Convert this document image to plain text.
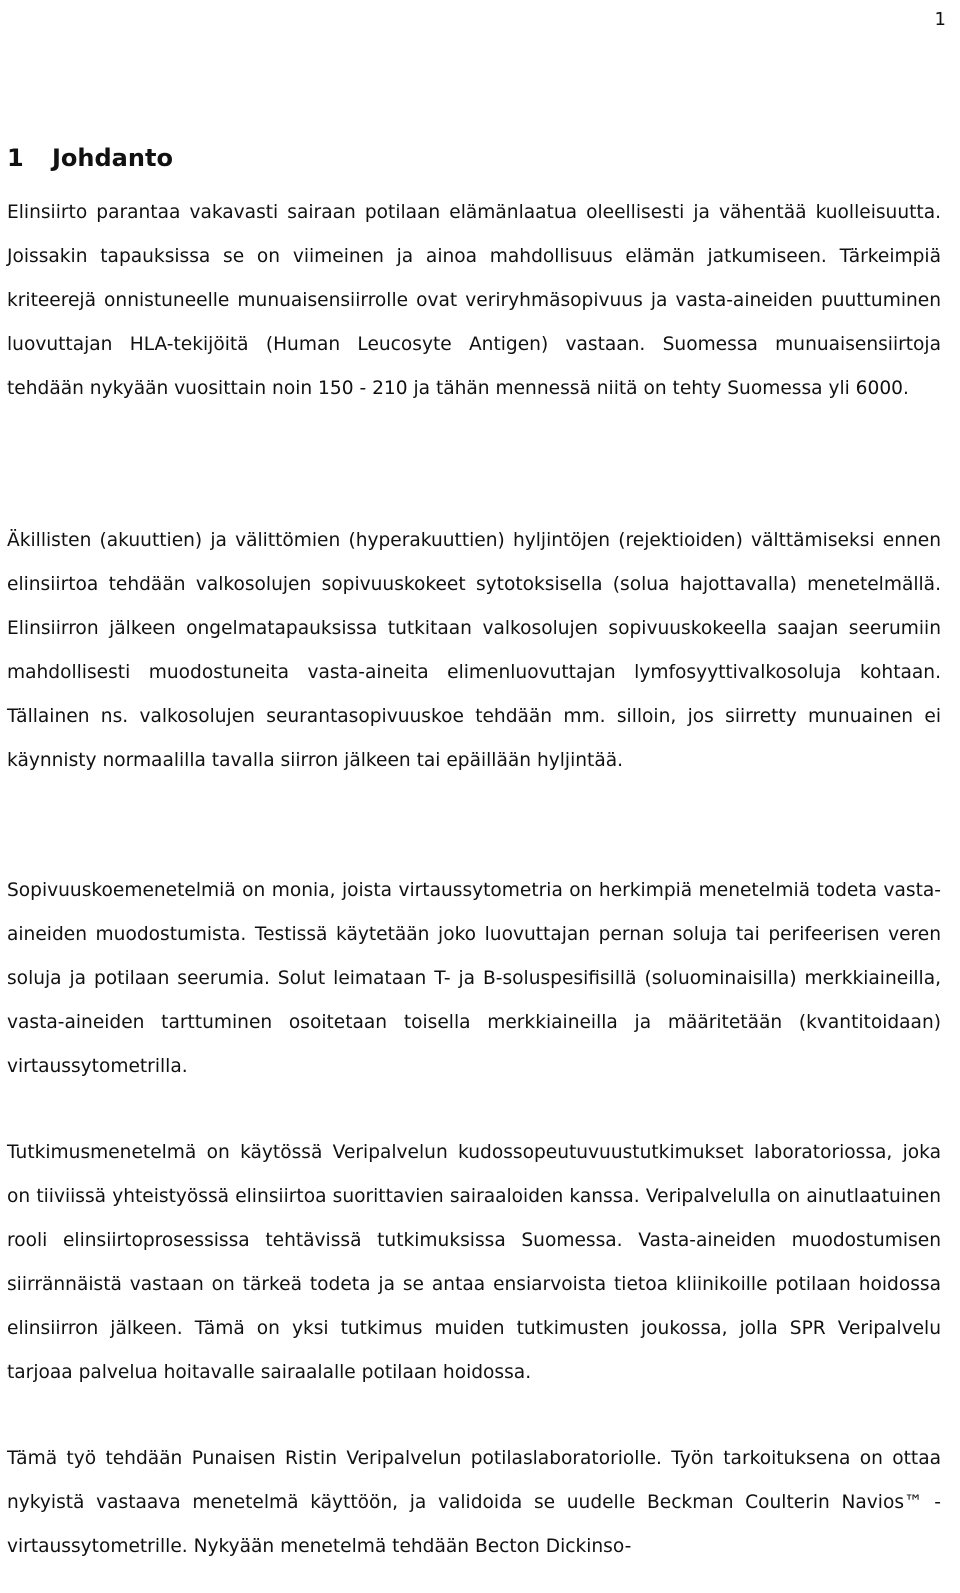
1

1 Johdanto

Elinsiirto parantaa vakavasti sairaan potilaan elämänlaatua oleellisesti ja vähentää kuolleisuutta. Joissakin tapauksissa se on viimeinen ja ainoa mahdollisuus elämän jatkumiseen. Tärkeimpiä kriteerejä onnistuneelle munuaisensiirrolle ovat veriryhmäsopivuus ja vasta-aineiden puuttuminen luovuttajan HLA-tekijöitä (Human Leucosyte Antigen) vastaan. Suomessa munuaisensiirtoja tehdään nykyään vuosittain noin 150 - 210 ja tähän mennessä niitä on tehty Suomessa yli 6000.

Äkillisten (akuuttien) ja välittömien (hyperakuuttien) hyljintöjen (rejektioiden) välttämiseksi ennen elinsiirtoa tehdään valkosolujen sopivuuskokeet sytotoksisella (solua hajottavalla) menetelmällä. Elinsiirron jälkeen ongelmatapauksissa tutkitaan valkosolujen sopivuuskokeella saajan seerumiin mahdollisesti muodostuneita vasta-aineita elimenluovuttajan lymfosyyttivalkosoluja kohtaan. Tällainen ns. valkosolujen seurantasopivuuskoe tehdään mm. silloin, jos siirretty munuainen ei käynnisty normaalilla tavalla siirron jälkeen tai epäillään hyljintää.

Sopivuuskoemenetelmiä on monia, joista virtaussytometria on herkimpiä menetelmiä todeta vasta-aineiden muodostumista. Testissä käytetään joko luovuttajan pernan soluja tai perifeerisen veren soluja ja potilaan seerumia. Solut leimataan T- ja B-soluspesifisillä (soluominaisilla) merkkiaineilla, vasta-aineiden tarttuminen osoitetaan toisella merkkiaineilla ja määritetään (kvantitoidaan) virtaussytometrilla.

Tutkimusmenetelmä on käytössä Veripalvelun kudossopeutuvuustutkimukset laboratoriossa, joka on tiiviissä yhteistyössä elinsiirtoa suorittavien sairaaloiden kanssa. Veripalvelulla on ainutlaatuinen rooli elinsiirtoprosessissa tehtävissä tutkimuksissa Suomessa. Vasta-aineiden muodostumisen siirrännäistä vastaan on tärkeä todeta ja se antaa ensiarvoista tietoa kliinikoille potilaan hoidossa elinsiirron jälkeen. Tämä on yksi tutkimus muiden tutkimusten joukossa, jolla SPR Veripalvelu tarjoaa palvelua hoitavalle sairaalalle potilaan hoidossa.

Tämä työ tehdään Punaisen Ristin Veripalvelun potilaslaboratoriolle. Työn tarkoituksena on ottaa nykyistä vastaava menetelmä käyttöön, ja validoida se uudelle Beckman Coulterin Navios™ -virtaussytometrille. Nykyään menetelmä tehdään Becton Dickinso-
